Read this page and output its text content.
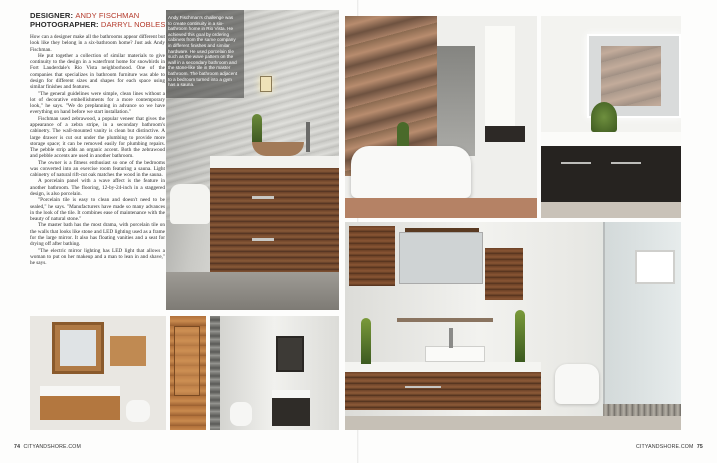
DESIGNER: ANDY FISCHMAN
PHOTOGRAPHER: DARRYL NOBLES

How can a designer make all the bathrooms appear different but look like they belong in a six-bathroom home? Just ask Andy Fischman.

He put together a collection of similar materials to give continuity to the design in a waterfront home for snowbirds in Fort Lauderdale's Rio Vista neighborhood. One of the companies that specializes in bathroom furniture was able to design for different sizes and shapes for each space using similar finishes and features.

"The general guidelines were simple, clean lines without a lot of decorative embellishments for a more contemporary look," he says. "We do preplanning in advance so we have everything on hand before we start installation."

Fischman used zebrawood, a popular veneer that gives the appearance of a zebra stripe, in a secondary bathroom's cabinetry. The wall-mounted vanity is clean but distinctive. A large drawer is cut out under the plumbing to provide more storage space; it can be removed easily for plumbing repairs. The pebble strip adds an organic accent. Both the zebrawood and pebble accents are used in another bathroom.

The owner is a fitness enthusiast so one of the bedrooms was converted into an exercise room featuring a sauna. Light cabinetry of natural rift-cut oak matches the wood in the sauna.

A porcelain panel with a wave affect is the feature in another bathroom. The flooring, 12-by-24-inch in a staggered design, is also porcelain.

"Porcelain tile is easy to clean and doesn't need to be sealed," he says. "Manufacturers have made so many advances in the look of the tile. It combines ease of maintenance with the beauty of natural stone."

The master bath has the most drama, with porcelain tile on the walls that looks like stone and LED lighting used as a frame for the large mirror. It also has floating vanities and a seat for drying off after bathing.

"The electric mirror lighting has LED light that allows a woman to put on her makeup and a man to lean in and shave," he says.

Andy Fischman's challenge was to create continuity in a six-bathroom home in Rio Vista. He achieved this goal by ordering cabinets from the same company in different finishes and similar hardware. He used porcelain tile such as the wave pattern on the wall in a secondary bathroom and the stone-like tile in the master bathroom. The bathroom adjacent to a bedroom turned into a gym has a sauna.
74 CITYANDSHORE.COM	CITYANDSHORE.COM 75
